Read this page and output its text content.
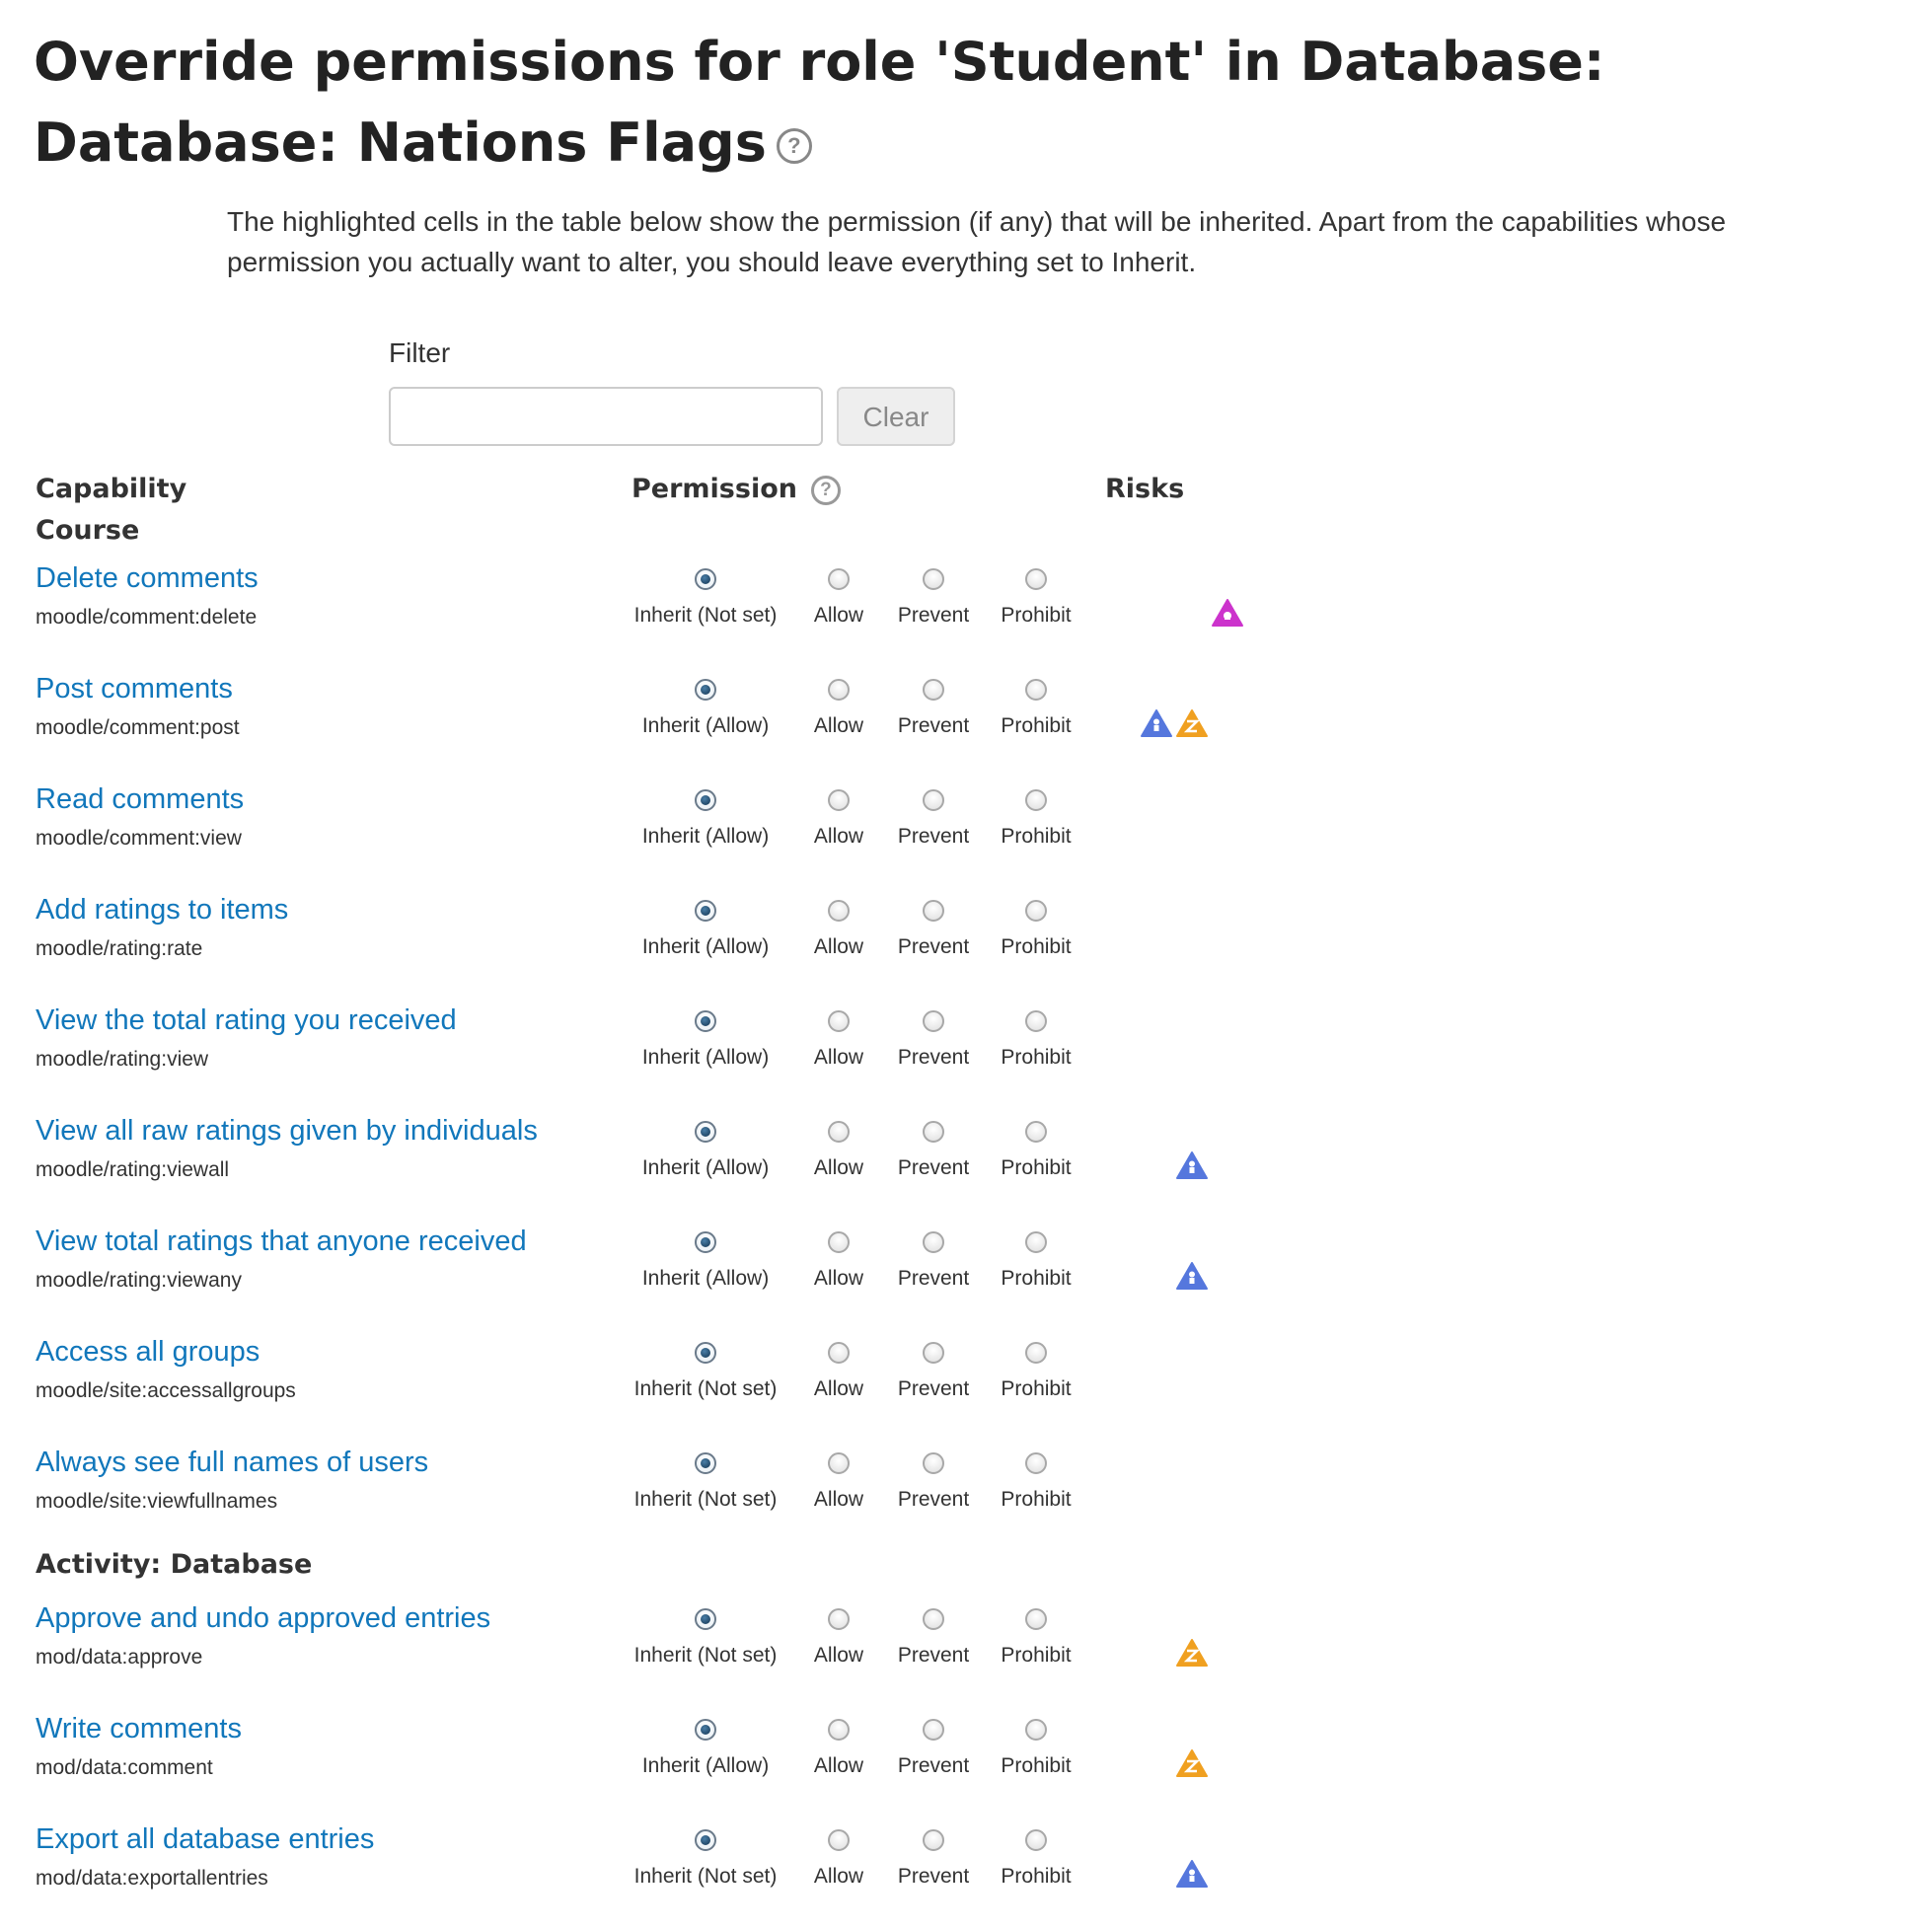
Override permissions for role 'Student' in Database: Database: Nations Flags ?

The highlighted cells in the table below show the permission (if any) that will be inherited. Apart from the capabilities whose permission you actually want to alter, you should leave everything set to Inherit.

Filter
Clear
Capability	Permission ?	Risks
Course
Delete comments
moodle/comment:delete	Inherit (Not set)	Allow	Prevent	Prohibit
Post comments
moodle/comment:post	Inherit (Allow)	Allow	Prevent	Prohibit
Read comments
moodle/comment:view	Inherit (Allow)	Allow	Prevent	Prohibit
Add ratings to items
moodle/rating:rate	Inherit (Allow)	Allow	Prevent	Prohibit
View the total rating you received
moodle/rating:view	Inherit (Allow)	Allow	Prevent	Prohibit
View all raw ratings given by individuals
moodle/rating:viewall	Inherit (Allow)	Allow	Prevent	Prohibit
View total ratings that anyone received
moodle/rating:viewany	Inherit (Allow)	Allow	Prevent	Prohibit
Access all groups
moodle/site:accessallgroups	Inherit (Not set)	Allow	Prevent	Prohibit
Always see full names of users
moodle/site:viewfullnames	Inherit (Not set)	Allow	Prevent	Prohibit
Activity: Database
Approve and undo approved entries
mod/data:approve	Inherit (Not set)	Allow	Prevent	Prohibit
Write comments
mod/data:comment	Inherit (Allow)	Allow	Prevent	Prohibit
Export all database entries
mod/data:exportallentries	Inherit (Not set)	Allow	Prevent	Prohibit
